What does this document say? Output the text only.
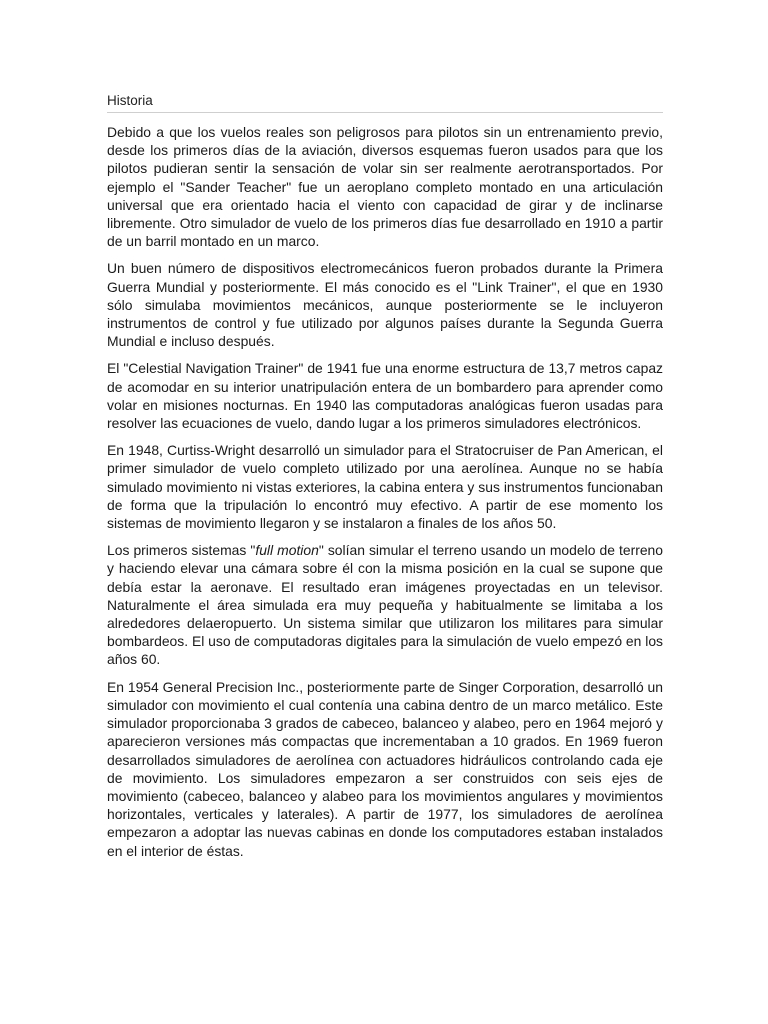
Historia

Debido a que los vuelos reales son peligrosos para pilotos sin un entrenamiento previo, desde los primeros días de la aviación, diversos esquemas fueron usados para que los pilotos pudieran sentir la sensación de volar sin ser realmente aerotransportados. Por ejemplo el "Sander Teacher" fue un aeroplano completo montado en una articulación universal que era orientado hacia el viento con capacidad de girar y de inclinarse libremente. Otro simulador de vuelo de los primeros días fue desarrollado en 1910 a partir de un barril montado en un marco.

Un buen número de dispositivos electromecánicos fueron probados durante la Primera Guerra Mundial y posteriormente. El más conocido es el "Link Trainer", el que en 1930 sólo simulaba movimientos mecánicos, aunque posteriormente se le incluyeron instrumentos de control y fue utilizado por algunos países durante la Segunda Guerra Mundial e incluso después.

El "Celestial Navigation Trainer" de 1941 fue una enorme estructura de 13,7 metros capaz de acomodar en su interior unatripulación entera de un bombardero para aprender como volar en misiones nocturnas. En 1940 las computadoras analógicas fueron usadas para resolver las ecuaciones de vuelo, dando lugar a los primeros simuladores electrónicos.

En 1948, Curtiss-Wright desarrolló un simulador para el Stratocruiser de Pan American, el primer simulador de vuelo completo utilizado por una aerolínea. Aunque no se había simulado movimiento ni vistas exteriores, la cabina entera y sus instrumentos funcionaban de forma que la tripulación lo encontró muy efectivo. A partir de ese momento los sistemas de movimiento llegaron y se instalaron a finales de los años 50.

Los primeros sistemas "full motion" solían simular el terreno usando un modelo de terreno y haciendo elevar una cámara sobre él con la misma posición en la cual se supone que debía estar la aeronave. El resultado eran imágenes proyectadas en un televisor. Naturalmente el área simulada era muy pequeña y habitualmente se limitaba a los alrededores delaeropuerto. Un sistema similar que utilizaron los militares para simular bombardeos. El uso de computadoras digitales para la simulación de vuelo empezó en los años 60.

En 1954 General Precision Inc., posteriormente parte de Singer Corporation, desarrolló un simulador con movimiento el cual contenía una cabina dentro de un marco metálico. Este simulador proporcionaba 3 grados de cabeceo, balanceo y alabeo, pero en 1964 mejoró y aparecieron versiones más compactas que incrementaban a 10 grados. En 1969 fueron desarrollados simuladores de aerolínea con actuadores hidráulicos controlando cada eje de movimiento. Los simuladores empezaron a ser construidos con seis ejes de movimiento (cabeceo, balanceo y alabeo para los movimientos angulares y movimientos horizontales, verticales y laterales). A partir de 1977, los simuladores de aerolínea empezaron a adoptar las nuevas cabinas en donde los computadores estaban instalados en el interior de éstas.
